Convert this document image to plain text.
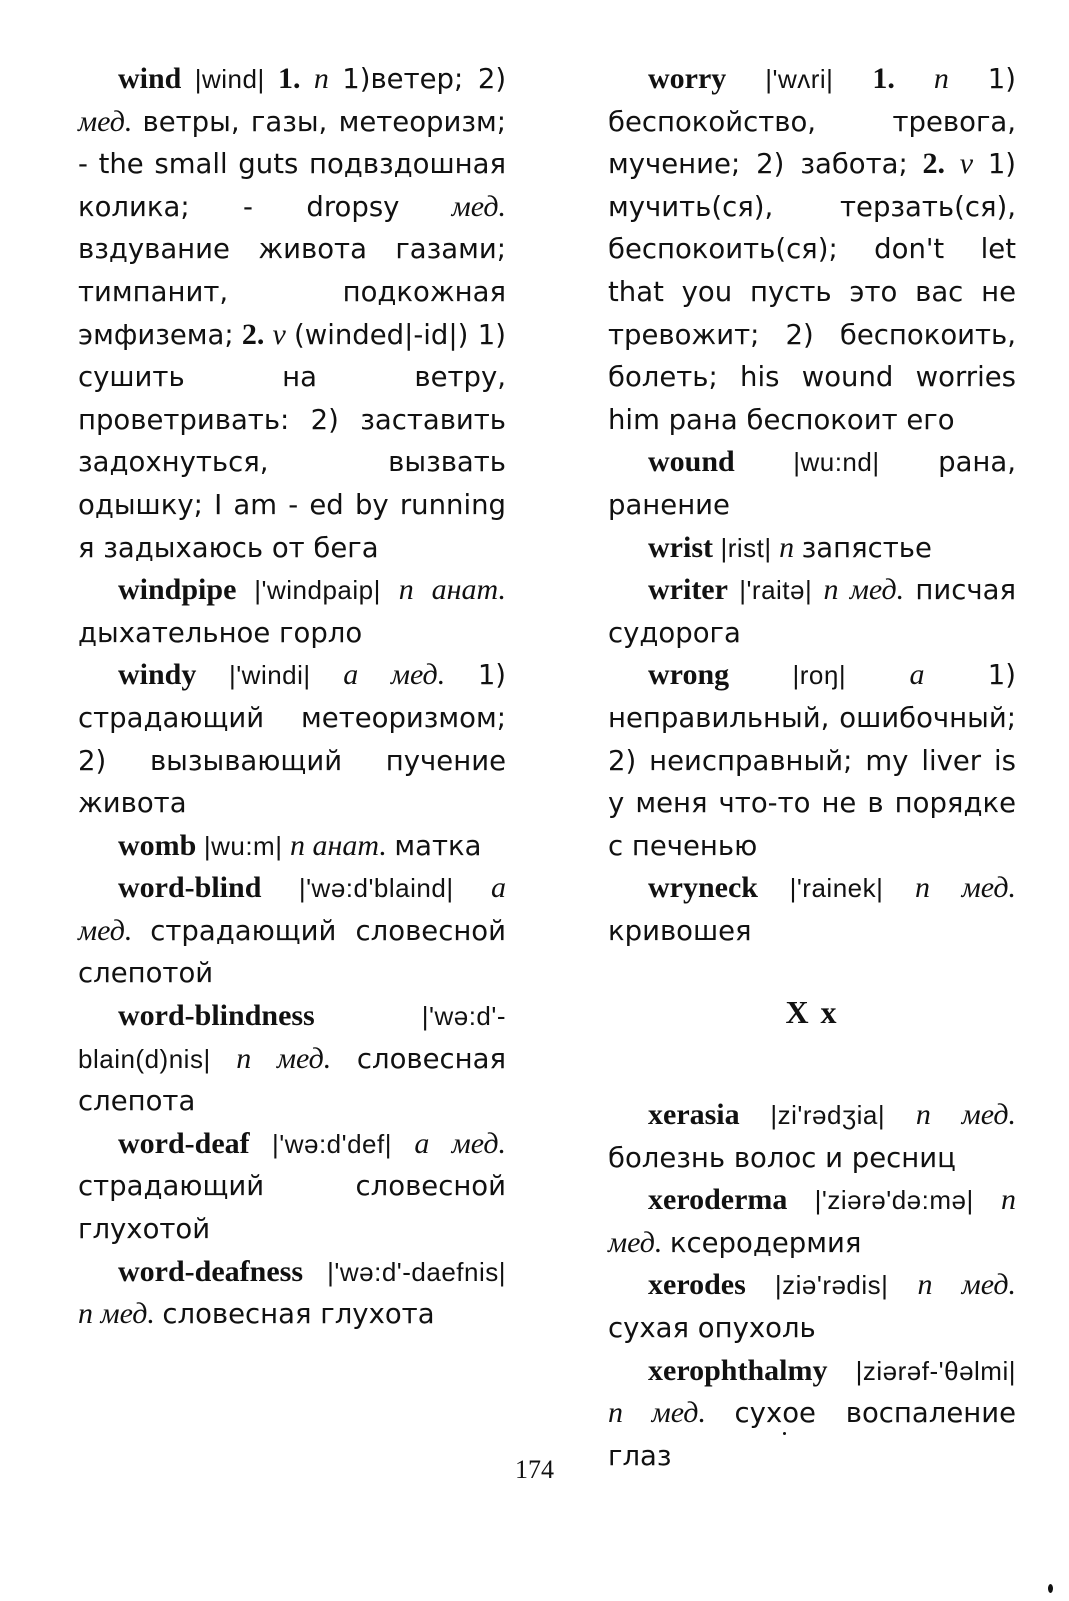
wind |wind| 1. n 1)ветер; 2) мед. ветры, газы, метеоризм; - the small guts подвздошная колика; - dropsy мед. вздувание живота газами; тимпанит, подкожная эмфизема; 2. v (winded|-id|) 1) сушить на ветру, проветривать: 2) заставить задохнуться, вызвать одышку; I am - ed by running я задыхаюсь от бега

windpipe |'windpaip| n анат. дыхательное горло

windy |'windi| a мед. 1) страдающий метеоризмом; 2) вызывающий пучение живота

womb |wu:m| n анат. матка

word-blind |'wə:d'blaind| a мед. страдающий словесной слепотой

word-blindness	|'wə:d'-blain(d)nis| n мед. словесная слепота

word-deaf |'wə:d'def| a мед. страдающий словесной глухотой

word-deafness |'wə:d'-daefnis| n мед. словесная глухота

worry |'wʌri| 1. n 1) беспокойство, тревога, мучение; 2) забота; 2. v 1) мучить(ся), терзать(ся), беспокоить(ся); don't let that you пусть это вас не тревожит; 2) беспокоить, болеть; his wound worries him рана беспокоит его

wound |wu:nd| рана, ранение

wrist |rist| n запястье

writer |'raitə| n мед. писчая судорога

wrong |roŋ| a 1) неправильный, ошибочный; 2) неисправный; my liver is у меня что-то не в порядке с печенью

wryneck |'rainek| n мед. кривошея

X x

xerasia |zi'rədʒia| n мед. болезнь волос и ресниц

xeroderma |'ziərə'də:mə| n мед. ксеродермия

xerodes |ziə'rədis| n мед. сухая опухоль

xerophthalmy |ziərəf-'θəlmi| n мед. сухое воспаление глаз

174
